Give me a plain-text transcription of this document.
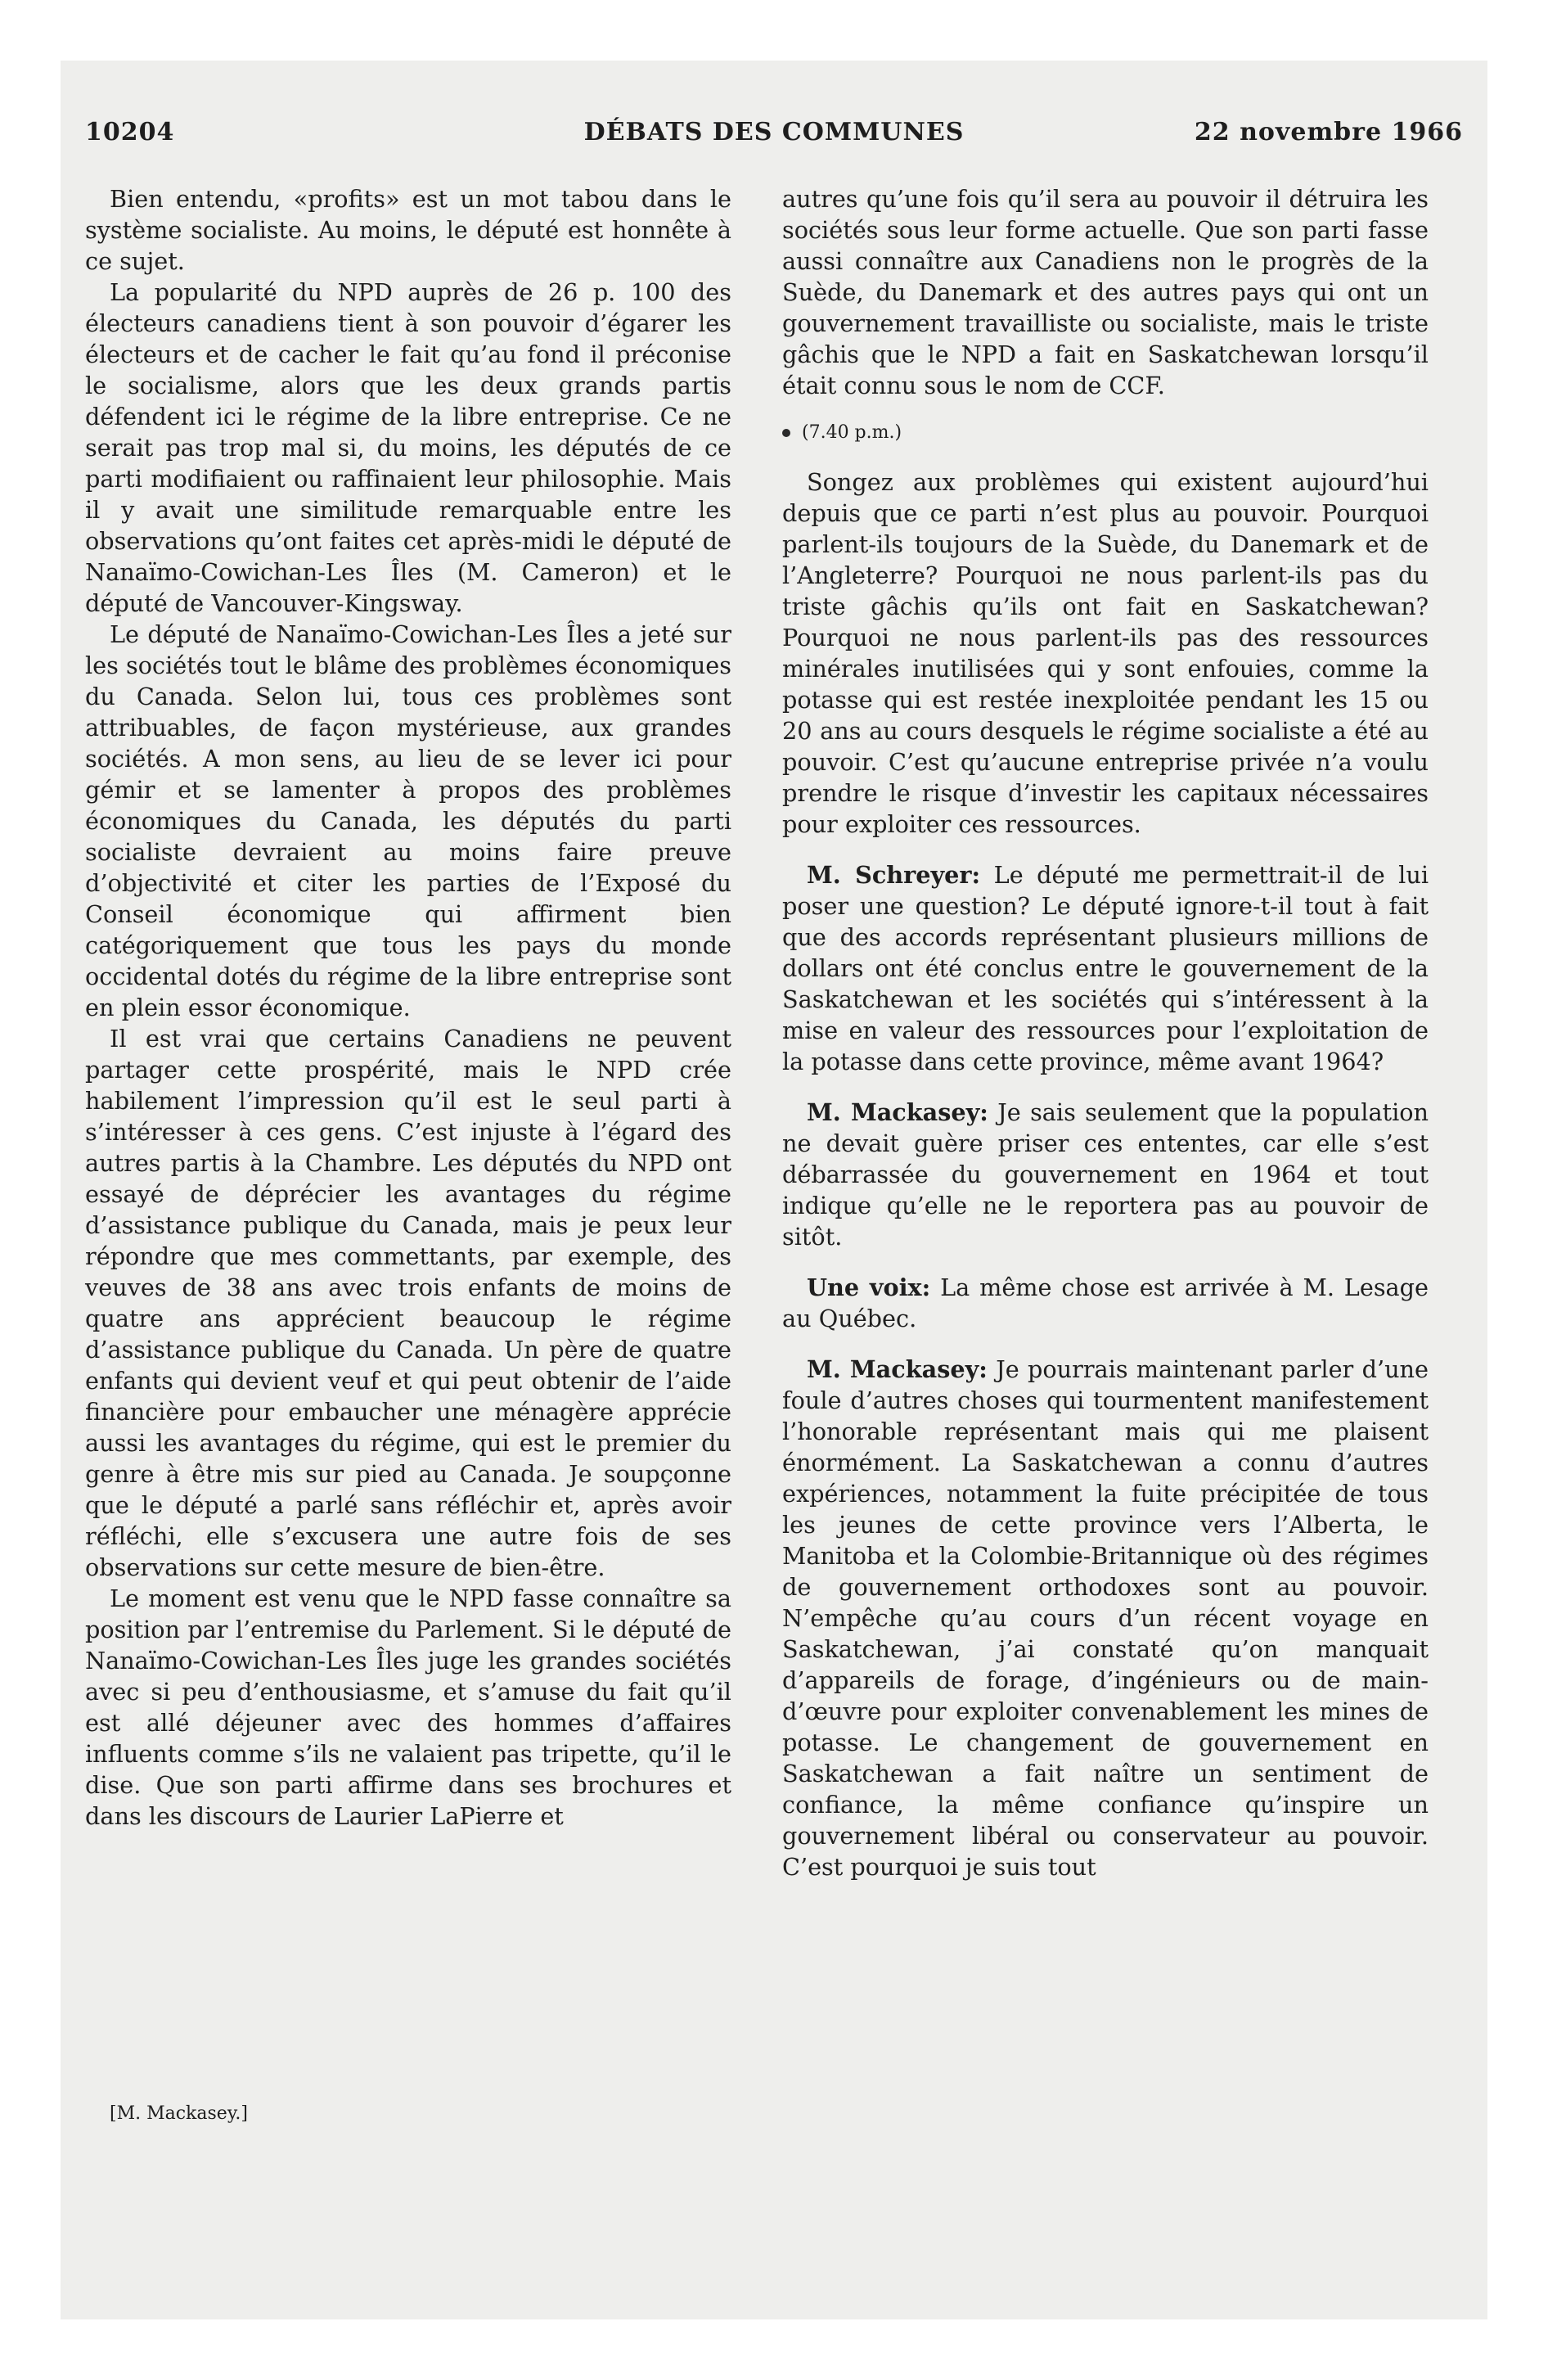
10204	DÉBATS DES COMMUNES	22 novembre 1966

Bien entendu, «profits» est un mot tabou dans le système socialiste. Au moins, le député est honnête à ce sujet.

La popularité du NPD auprès de 26 p. 100 des électeurs canadiens tient à son pouvoir d’égarer les électeurs et de cacher le fait qu’au fond il préconise le socialisme, alors que les deux grands partis défendent ici le régime de la libre entreprise. Ce ne serait pas trop mal si, du moins, les députés de ce parti modifiaient ou raffinaient leur philosophie. Mais il y avait une similitude remarquable entre les observations qu’ont faites cet après-midi le député de Nanaïmo-Cowichan-Les Îles (M. Cameron) et le député de Vancouver-Kingsway.

Le député de Nanaïmo-Cowichan-Les Îles a jeté sur les sociétés tout le blâme des problèmes économiques du Canada. Selon lui, tous ces problèmes sont attribuables, de façon mystérieuse, aux grandes sociétés. A mon sens, au lieu de se lever ici pour gémir et se lamenter à propos des problèmes économiques du Canada, les députés du parti socialiste devraient au moins faire preuve d’objectivité et citer les parties de l’Exposé du Conseil économique qui affirment bien catégoriquement que tous les pays du monde occidental dotés du régime de la libre entreprise sont en plein essor économique.

Il est vrai que certains Canadiens ne peuvent partager cette prospérité, mais le NPD crée habilement l’impression qu’il est le seul parti à s’intéresser à ces gens. C’est injuste à l’égard des autres partis à la Chambre. Les députés du NPD ont essayé de déprécier les avantages du régime d’assistance publique du Canada, mais je peux leur répondre que mes commettants, par exemple, des veuves de 38 ans avec trois enfants de moins de quatre ans apprécient beaucoup le régime d’assistance publique du Canada. Un père de quatre enfants qui devient veuf et qui peut obtenir de l’aide financière pour embaucher une ménagère apprécie aussi les avantages du régime, qui est le premier du genre à être mis sur pied au Canada. Je soupçonne que le député a parlé sans réfléchir et, après avoir réfléchi, elle s’excusera une autre fois de ses observations sur cette mesure de bien-être.

Le moment est venu que le NPD fasse connaître sa position par l’entremise du Parlement. Si le député de Nanaïmo-Cowichan-Les Îles juge les grandes sociétés avec si peu d’enthousiasme, et s’amuse du fait qu’il est allé déjeuner avec des hommes d’affaires influents comme s’ils ne valaient pas tripette, qu’il le dise. Que son parti affirme dans ses brochures et dans les discours de Laurier LaPierre et

[M. Mackasey.]

autres qu’une fois qu’il sera au pouvoir il détruira les sociétés sous leur forme actuelle. Que son parti fasse aussi connaître aux Canadiens non le progrès de la Suède, du Danemark et des autres pays qui ont un gouvernement travailliste ou socialiste, mais le triste gâchis que le NPD a fait en Saskatchewan lorsqu’il était connu sous le nom de CCF.

(7.40 p.m.)

Songez aux problèmes qui existent aujourd’hui depuis que ce parti n’est plus au pouvoir. Pourquoi parlent-ils toujours de la Suède, du Danemark et de l’Angleterre? Pourquoi ne nous parlent-ils pas du triste gâchis qu’ils ont fait en Saskatchewan? Pourquoi ne nous parlent-ils pas des ressources minérales inutilisées qui y sont enfouies, comme la potasse qui est restée inexploitée pendant les 15 ou 20 ans au cours desquels le régime socialiste a été au pouvoir. C’est qu’aucune entreprise privée n’a voulu prendre le risque d’investir les capitaux nécessaires pour exploiter ces ressources.

M. Schreyer: Le député me permettrait-il de lui poser une question? Le député ignore-t-il tout à fait que des accords représentant plusieurs millions de dollars ont été conclus entre le gouvernement de la Saskatchewan et les sociétés qui s’intéressent à la mise en valeur des ressources pour l’exploitation de la potasse dans cette province, même avant 1964?

M. Mackasey: Je sais seulement que la population ne devait guère priser ces ententes, car elle s’est débarrassée du gouvernement en 1964 et tout indique qu’elle ne le reportera pas au pouvoir de sitôt.

Une voix: La même chose est arrivée à M. Lesage au Québec.

M. Mackasey: Je pourrais maintenant parler d’une foule d’autres choses qui tourmentent manifestement l’honorable représentant mais qui me plaisent énormément. La Saskatchewan a connu d’autres expériences, notamment la fuite précipitée de tous les jeunes de cette province vers l’Alberta, le Manitoba et la Colombie-Britannique où des régimes de gouvernement orthodoxes sont au pouvoir. N’empêche qu’au cours d’un récent voyage en Saskatchewan, j’ai constaté qu’on manquait d’appareils de forage, d’ingénieurs ou de main-d’œuvre pour exploiter convenablement les mines de potasse. Le changement de gouvernement en Saskatchewan a fait naître un sentiment de confiance, la même confiance qu’inspire un gouvernement libéral ou conservateur au pouvoir. C’est pourquoi je suis tout
